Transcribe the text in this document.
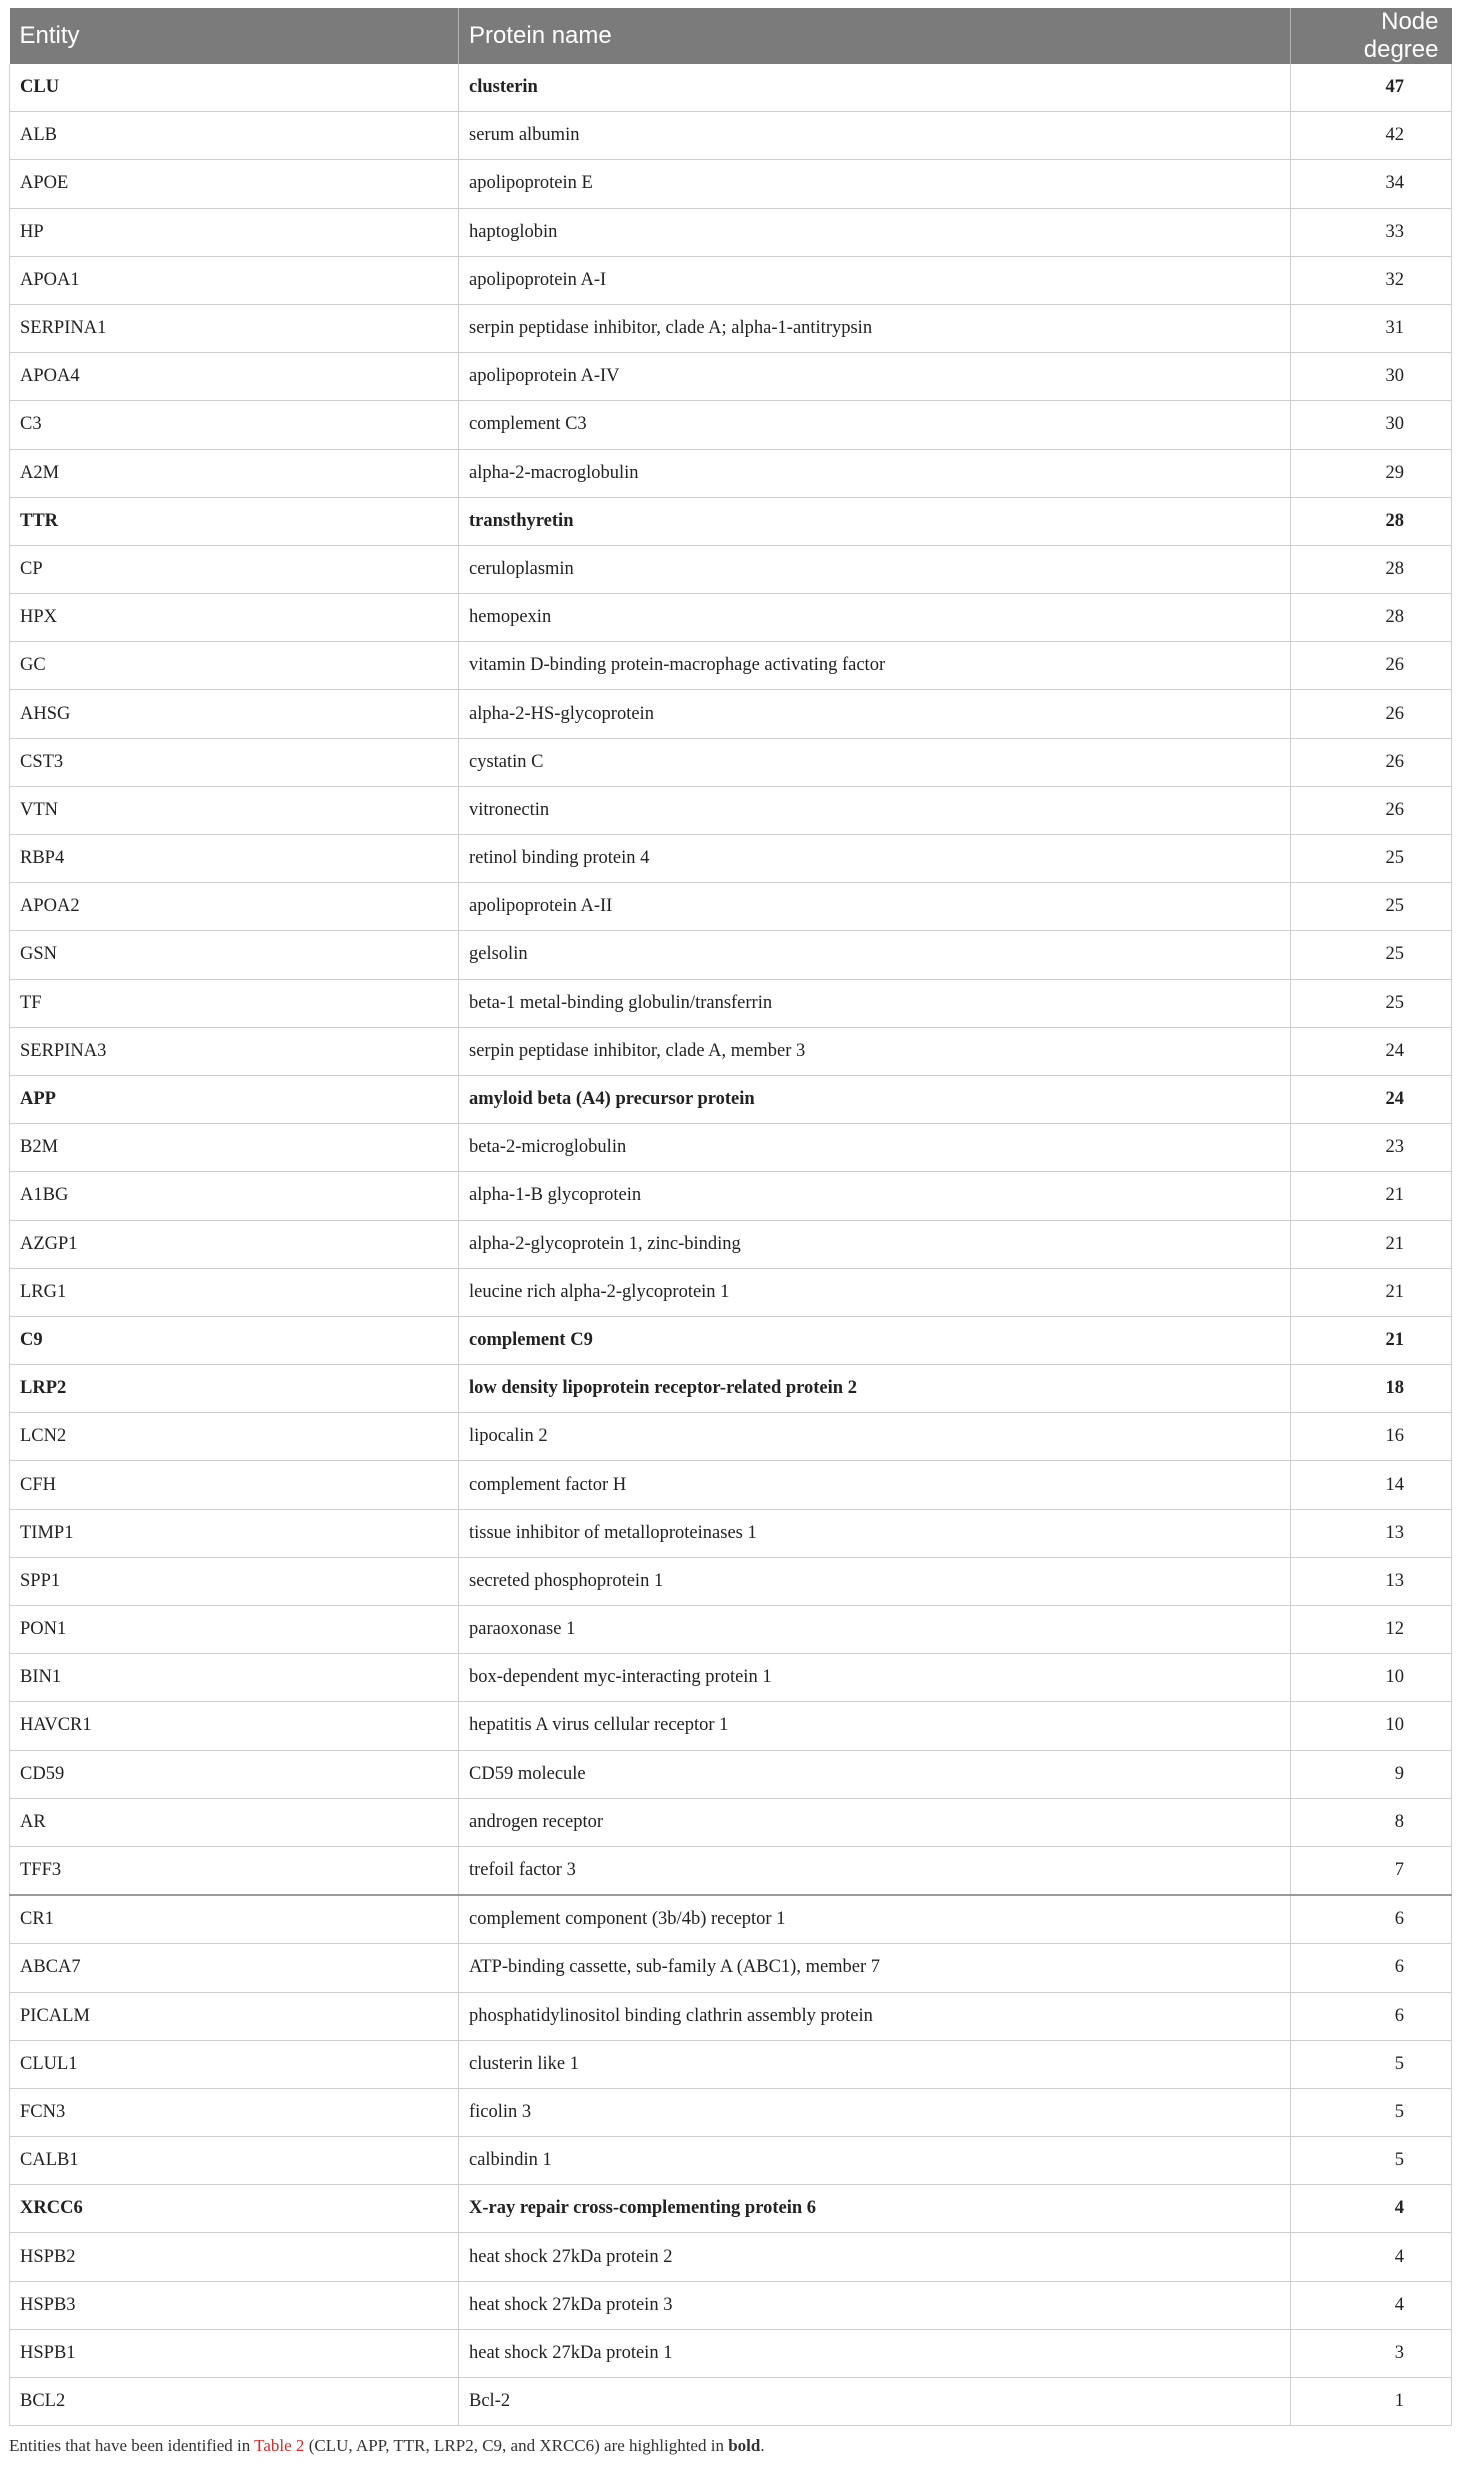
Entity	Protein name	Node degree
CLU	clusterin	47
ALB	serum albumin	42
APOE	apolipoprotein E	34
HP	haptoglobin	33
APOA1	apolipoprotein A-I	32
SERPINA1	serpin peptidase inhibitor, clade A; alpha-1-antitrypsin	31
APOA4	apolipoprotein A-IV	30
C3	complement C3	30
A2M	alpha-2-macroglobulin	29
TTR	transthyretin	28
CP	ceruloplasmin	28
HPX	hemopexin	28
GC	vitamin D-binding protein-macrophage activating factor	26
AHSG	alpha-2-HS-glycoprotein	26
CST3	cystatin C	26
VTN	vitronectin	26
RBP4	retinol binding protein 4	25
APOA2	apolipoprotein A-II	25
GSN	gelsolin	25
TF	beta-1 metal-binding globulin/transferrin	25
SERPINA3	serpin peptidase inhibitor, clade A, member 3	24
APP	amyloid beta (A4) precursor protein	24
B2M	beta-2-microglobulin	23
A1BG	alpha-1-B glycoprotein	21
AZGP1	alpha-2-glycoprotein 1, zinc-binding	21
LRG1	leucine rich alpha-2-glycoprotein 1	21
C9	complement C9	21
LRP2	low density lipoprotein receptor-related protein 2	18
LCN2	lipocalin 2	16
CFH	complement factor H	14
TIMP1	tissue inhibitor of metalloproteinases 1	13
SPP1	secreted phosphoprotein 1	13
PON1	paraoxonase 1	12
BIN1	box-dependent myc-interacting protein 1	10
HAVCR1	hepatitis A virus cellular receptor 1	10
CD59	CD59 molecule	9
AR	androgen receptor	8
TFF3	trefoil factor 3	7
CR1	complement component (3b/4b) receptor 1	6
ABCA7	ATP-binding cassette, sub-family A (ABC1), member 7	6
PICALM	phosphatidylinositol binding clathrin assembly protein	6
CLUL1	clusterin like 1	5
FCN3	ficolin 3	5
CALB1	calbindin 1	5
XRCC6	X-ray repair cross-complementing protein 6	4
HSPB2	heat shock 27kDa protein 2	4
HSPB3	heat shock 27kDa protein 3	4
HSPB1	heat shock 27kDa protein 1	3
BCL2	Bcl-2	1
Entities that have been identified in Table 2 (CLU, APP, TTR, LRP2, C9, and XRCC6) are highlighted in bold.
